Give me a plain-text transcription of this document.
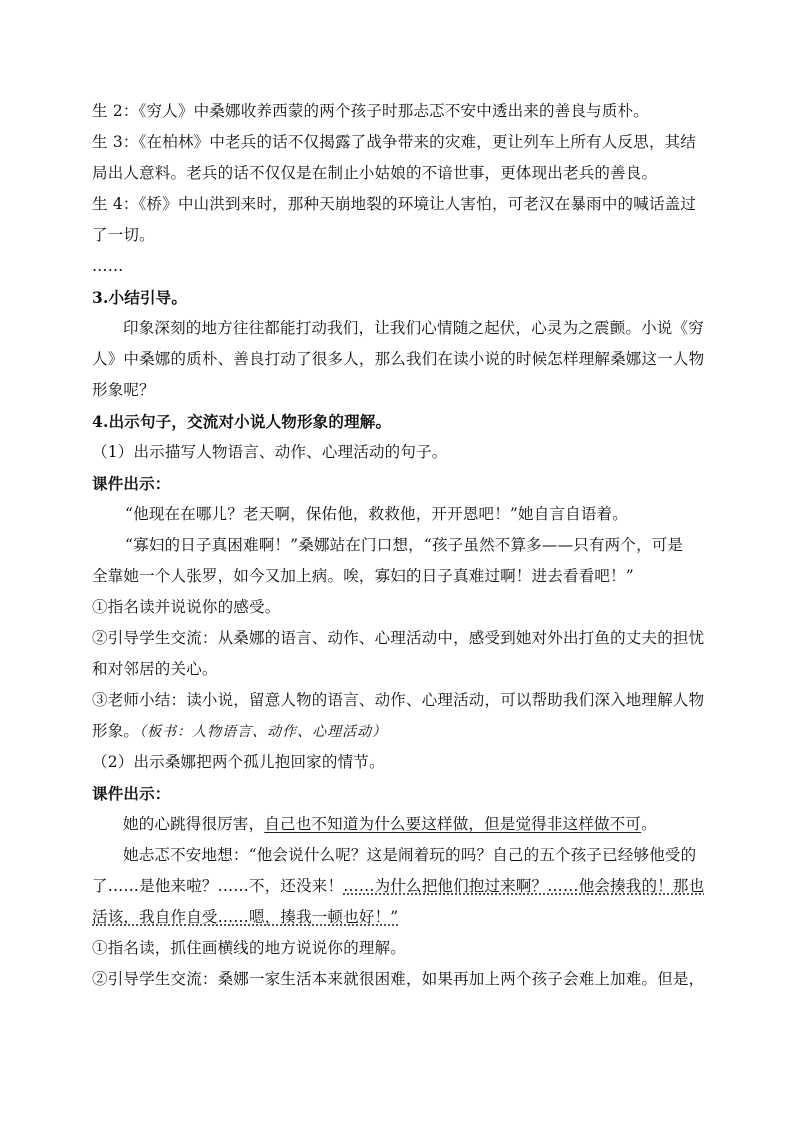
生 2：《穷人》中桑娜收养西蒙的两个孩子时那忐忑不安中透出来的善良与质朴。
生 3：《在柏林》中老兵的话不仅揭露了战争带来的灾难，更让列车上所有人反思，其结
局出人意料。老兵的话不仅仅是在制止小姑娘的不谙世事，更体现出老兵的善良。
生 4：《桥》中山洪到来时，那种天崩地裂的环境让人害怕，可老汉在暴雨中的喊话盖过
了一切。
……
3.小结引导。
印象深刻的地方往往都能打动我们，让我们心情随之起伏，心灵为之震颤。小说《穷
人》中桑娜的质朴、善良打动了很多人，那么我们在读小说的时候怎样理解桑娜这一人物
形象呢？
4.出示句子，交流对小说人物形象的理解。
（1）出示描写人物语言、动作、心理活动的句子。
课件出示：
“他现在在哪儿？老天啊，保佑他，救救他，开开恩吧！”她自言自语着。
“寡妇的日子真困难啊！”桑娜站在门口想，“孩子虽然不算多——只有两个，可是
全靠她一个人张罗，如今又加上病。唉，寡妇的日子真难过啊！进去看看吧！”
①指名读并说说你的感受。
②引导学生交流：从桑娜的语言、动作、心理活动中，感受到她对外出打鱼的丈夫的担忧
和对邻居的关心。
③老师小结：读小说，留意人物的语言、动作、心理活动，可以帮助我们深入地理解人物
形象。（板书：人物语言、动作、心理活动）
（2）出示桑娜把两个孤儿抱回家的情节。
课件出示：
她的心跳得很厉害，自己也不知道为什么要这样做，但是觉得非这样做不可。
她忐忑不安地想：“他会说什么呢？这是闹着玩的吗？自己的五个孩子已经够他受的
了……是他来啦？……不，还没来！……为什么把他们抱过来啊？……他会揍我的！那也
活该，我自作自受……嗯，揍我一顿也好！”
①指名读，抓住画横线的地方说说你的理解。
②引导学生交流：桑娜一家生活本来就很困难，如果再加上两个孩子会难上加难。但是，
